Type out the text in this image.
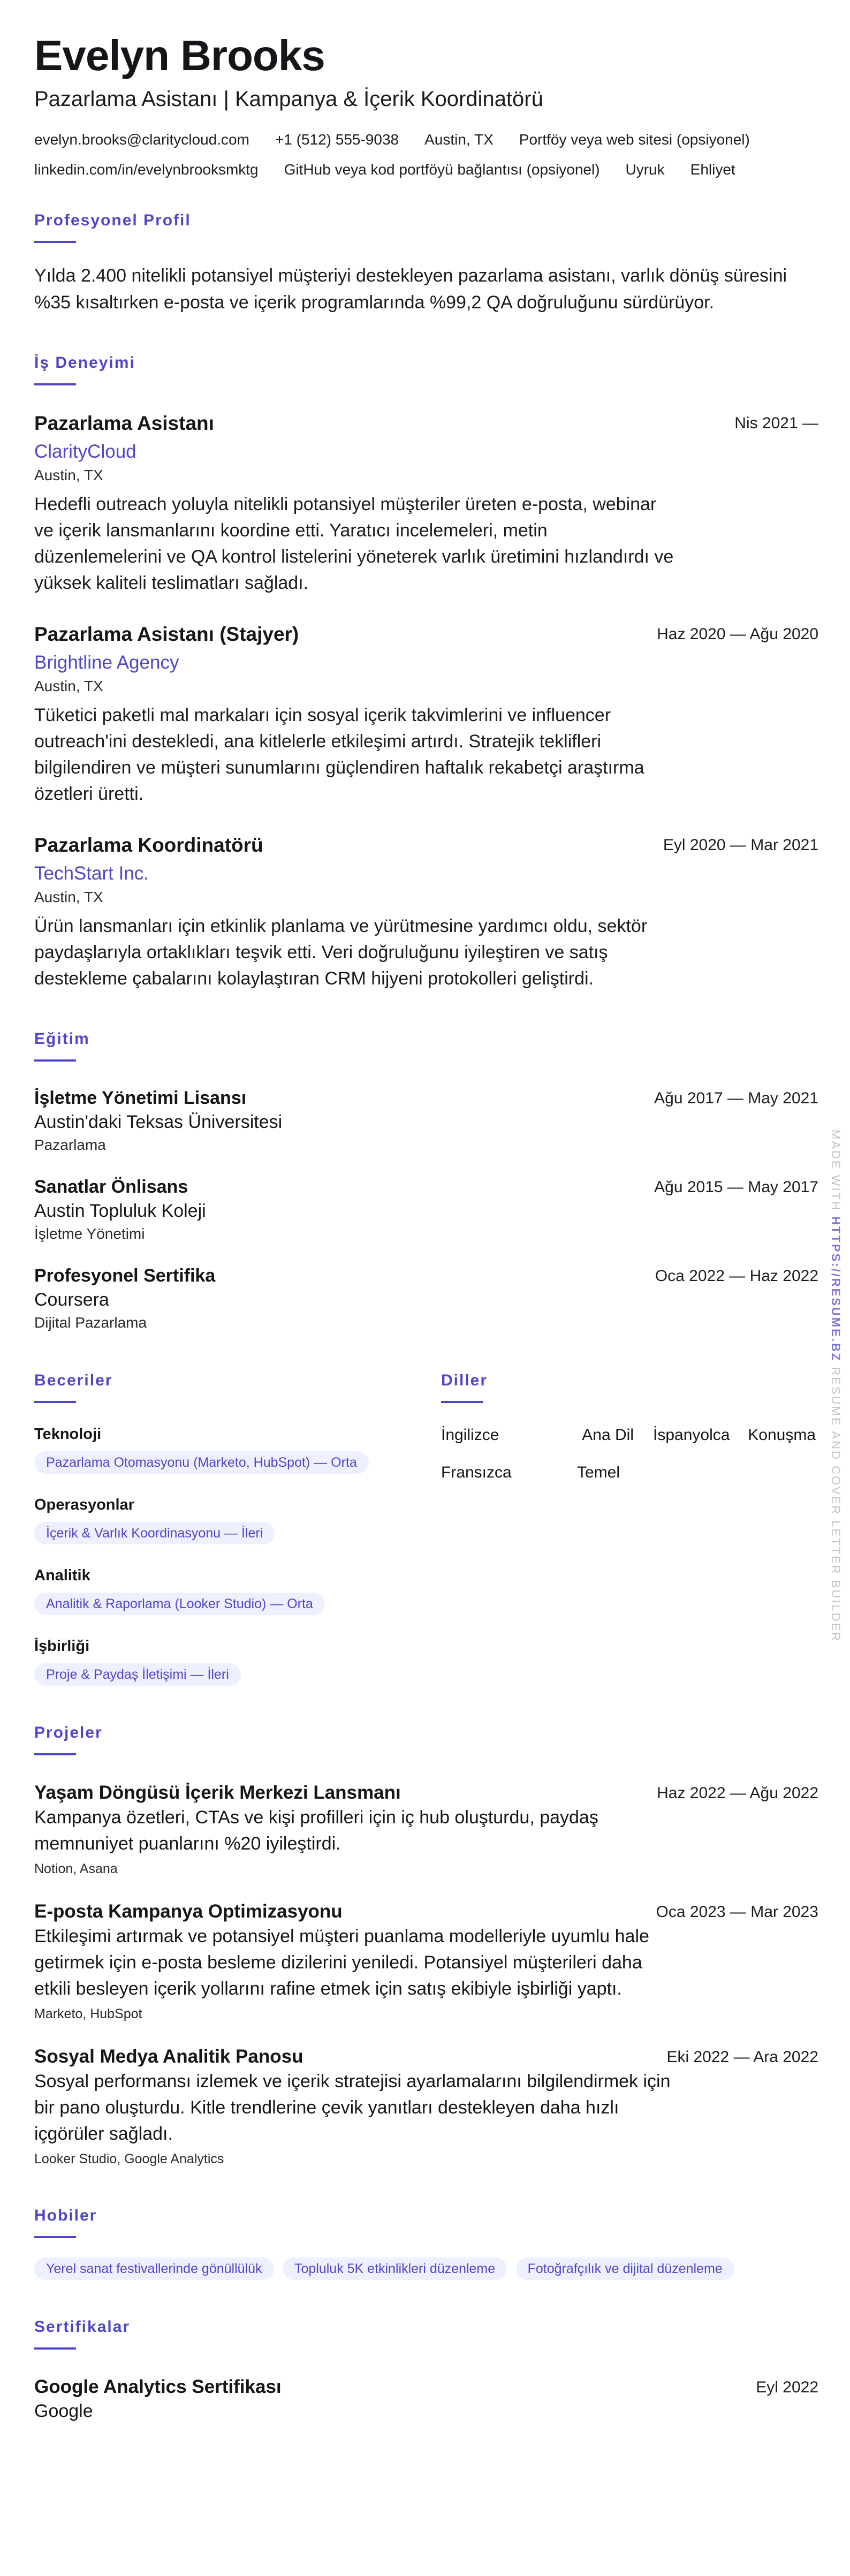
Evelyn Brooks
Pazarlama Asistanı | Kampanya & İçerik Koordinatörü
evelyn.brooks@claritycloud.com +1 (512) 555-9038 Austin, TX Portföy veya web sitesi (opsiyonel)
linkedin.com/in/evelynbrooksmktg GitHub veya kod portföyü bağlantısı (opsiyonel) Uyruk Ehliyet
Profesyonel Profil
Yılda 2.400 nitelikli potansiyel müşteriyi destekleyen pazarlama asistanı, varlık dönüş süresini %35 kısaltırken e-posta ve içerik programlarında %99,2 QA doğruluğunu sürdürüyor.
İş Deneyimi
Pazarlama Asistanı	Nis 2021 —
ClarityCloud
Austin, TX
Hedefli outreach yoluyla nitelikli potansiyel müşteriler üreten e-posta, webinar ve içerik lansmanlarını koordine etti. Yaratıcı incelemeleri, metin düzenlemelerini ve QA kontrol listelerini yöneterek varlık üretimini hızlandırdı ve yüksek kaliteli teslimatları sağladı.
Pazarlama Asistanı (Stajyer)	Haz 2020 — Ağu 2020
Brightline Agency
Austin, TX
Tüketici paketli mal markaları için sosyal içerik takvimlerini ve influencer outreach'ini destekledi, ana kitlelerle etkileşimi artırdı. Stratejik teklifleri bilgilendiren ve müşteri sunumlarını güçlendiren haftalık rekabetçi araştırma özetleri üretti.
Pazarlama Koordinatörü	Eyl 2020 — Mar 2021
TechStart Inc.
Austin, TX
Ürün lansmanları için etkinlik planlama ve yürütmesine yardımcı oldu, sektör paydaşlarıyla ortaklıkları teşvik etti. Veri doğruluğunu iyileştiren ve satış destekleme çabalarını kolaylaştıran CRM hijyeni protokolleri geliştirdi.
Eğitim
İşletme Yönetimi Lisansı	Ağu 2017 — May 2021
Austin'daki Teksas Üniversitesi
Pazarlama
Sanatlar Önlisans	Ağu 2015 — May 2017
Austin Topluluk Koleji
İşletme Yönetimi
Profesyonel Sertifika	Oca 2022 — Haz 2022
Coursera
Dijital Pazarlama
Beceriler
Teknoloji
Pazarlama Otomasyonu (Marketo, HubSpot) — Orta
Operasyonlar
İçerik & Varlık Koordinasyonu — İleri
Analitik
Analitik & Raporlama (Looker Studio) — Orta
İşbirliği
Proje & Paydaş İletişimi — İleri
Diller
İngilizce	Ana Dil	İspanyolca	Konuşma
Fransızca	Temel
Projeler
Yaşam Döngüsü İçerik Merkezi Lansmanı	Haz 2022 — Ağu 2022
Kampanya özetleri, CTAs ve kişi profilleri için iç hub oluşturdu, paydaş memnuniyet puanlarını %20 iyileştirdi.
Notion, Asana
E-posta Kampanya Optimizasyonu	Oca 2023 — Mar 2023
Etkileşimi artırmak ve potansiyel müşteri puanlama modelleriyle uyumlu hale getirmek için e-posta besleme dizilerini yeniledi. Potansiyel müşterileri daha etkili besleyen içerik yollarını rafine etmek için satış ekibiyle işbirliği yaptı.
Marketo, HubSpot
Sosyal Medya Analitik Panosu	Eki 2022 — Ara 2022
Sosyal performansı izlemek ve içerik stratejisi ayarlamalarını bilgilendirmek için bir pano oluşturdu. Kitle trendlerine çevik yanıtları destekleyen daha hızlı içgörüler sağladı.
Looker Studio, Google Analytics
Hobiler
Yerel sanat festivallerinde gönüllülük Topluluk 5K etkinlikleri düzenleme Fotoğrafçılık ve dijital düzenleme
Sertifikalar
Google Analytics Sertifikası	Eyl 2022
Google
MADE WITH HTTPS://RESUME.BZ RESUME AND COVER LETTER BUILDER
